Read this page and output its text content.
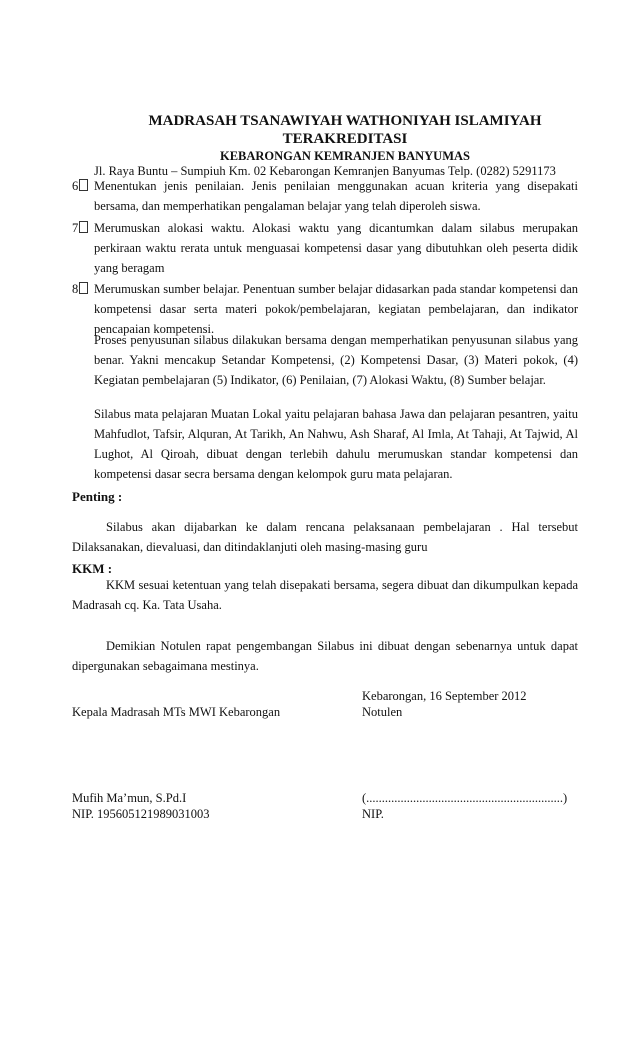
MADRASAH TSANAWIYAH WATHONIYAH ISLAMIYAH

TERAKREDITASI

KEBARONGAN KEMRANJEN BANYUMAS

Jl. Raya Buntu – Sumpiuh Km. 02 Kebarongan Kemranjen Banyumas Telp. (0282) 5291173

6	Menentukan jenis penilaian. Jenis penilaian menggunakan acuan kriteria yang disepakati bersama, dan memperhatikan pengalaman belajar yang telah diperoleh siswa.

7	Merumuskan alokasi waktu. Alokasi waktu yang dicantumkan dalam silabus merupakan perkiraan waktu rerata untuk menguasai kompetensi dasar yang dibutuhkan oleh peserta didik yang beragam

8	Merumuskan sumber belajar. Penentuan sumber belajar didasarkan pada standar kompetensi dan kompetensi dasar serta materi pokok/pembelajaran, kegiatan pembelajaran, dan indikator pencapaian kompetensi.

Proses penyusunan silabus dilakukan bersama dengan memperhatikan penyusunan silabus yang benar. Yakni mencakup Setandar Kompetensi, (2) Kompetensi Dasar, (3) Materi pokok, (4) Kegiatan pembelajaran (5) Indikator, (6) Penilaian, (7) Alokasi Waktu, (8) Sumber belajar.

Silabus mata pelajaran Muatan Lokal yaitu pelajaran bahasa Jawa dan pelajaran pesantren, yaitu Mahfudlot, Tafsir, Alquran, At Tarikh, An Nahwu, Ash Sharaf, Al Imla, At Tahaji, At Tajwid, Al Lughot, Al Qiroah, dibuat dengan terlebih dahulu merumuskan standar kompetensi dan kompetensi dasar secra bersama dengan kelompok guru mata pelajaran.

Penting :

Silabus akan dijabarkan ke dalam rencana pelaksanaan pembelajaran . Hal tersebut Dilaksanakan, dievaluasi, dan ditindaklanjuti oleh masing-masing guru

KKM :

KKM sesuai ketentuan yang telah disepakati bersama, segera dibuat dan dikumpulkan kepada Madrasah cq. Ka. Tata Usaha.

Demikian Notulen rapat pengembangan Silabus ini dibuat dengan sebenarnya untuk dapat dipergunakan sebagaimana mestinya.

Kebarongan, 16 September 2012

Kepala Madrasah MTs MWI Kebarongan	Notulen

Mufih Ma’mun, S.Pd.I	(...............................................................)

NIP. 195605121989031003	NIP.
